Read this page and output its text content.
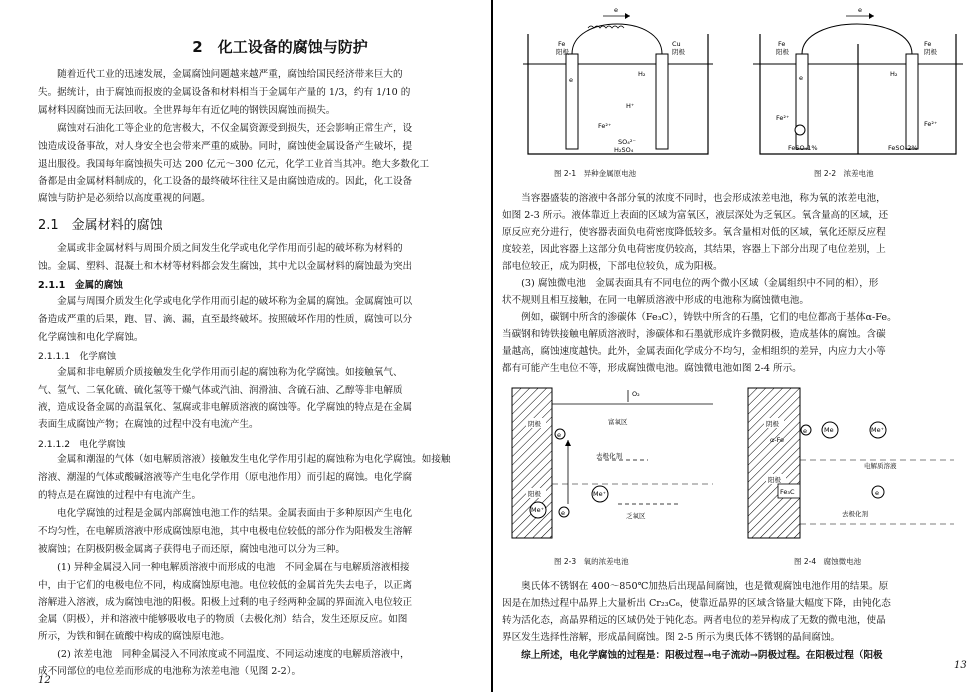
2　化工设备的腐蚀与防护
　　随着近代工业的迅速发展，金属腐蚀问题越来越严重，腐蚀给国民经济带来巨大的
失。据统计，由于腐蚀而报废的金属设备和材料相当于金属年产量的 1/3，约有 1/10 的
属材料因腐蚀而无法回收。全世界每年有近亿吨的钢铁因腐蚀而损失。
　　腐蚀对石油化工等企业的危害极大，不仅金属资源受到损失，还会影响正常生产，设
蚀造成设备事故，对人身安全也会带来严重的威胁。同时，腐蚀使金属设备产生破坏，提
退出服役。我国每年腐蚀损失可达 200 亿元～300 亿元，化学工业首当其冲。绝大多数化工
备都是由金属材料制成的，化工设备的最终破坏往往又是由腐蚀造成的。因此，化工设备
腐蚀与防护是必须给以高度重视的问题。
2.1　金属材料的腐蚀
　　金属或非金属材料与周围介质之间发生化学或电化学作用而引起的破坏称为材料的
蚀。金属、塑料、混凝土和木材等材料都会发生腐蚀，其中尤以金属材料的腐蚀最为突出
2.1.1　金属的腐蚀
　　金属与周围介质发生化学或电化学作用而引起的破坏称为金属的腐蚀。金属腐蚀可以
备造成严重的后果，跑、冒、滴、漏，直至最终破坏。按照破坏作用的性质，腐蚀可以分
化学腐蚀和电化学腐蚀。
2.1.1.1　化学腐蚀
　　金属和非电解质介质接触发生化学作用而引起的腐蚀称为化学腐蚀。如接触氧气、
气、氢气、二氧化硫、硫化氢等干燥气体或汽油、润滑油、含硫石油、乙醇等非电解质
液，造成设备金属的高温氧化、氢腐或非电解质溶液的腐蚀等。化学腐蚀的特点是在金属
表面生成腐蚀产物；在腐蚀的过程中没有电流产生。
2.1.1.2　电化学腐蚀
　　金属和潮湿的气体（如电解质溶液）接触发生电化学作用引起的腐蚀称为电化学腐蚀。如接触
溶液、潮湿的气体或酸碱溶液等产生电化学作用（原电池作用）而引起的腐蚀。电化学腐
的特点是在腐蚀的过程中有电流产生。
　　电化学腐蚀的过程是金属内部腐蚀电池工作的结果。金属表面由于多种原因产生电化
不均匀性，在电解质溶液中形成腐蚀原电池，其中电极电位较低的部分作为阳极发生溶解
被腐蚀；在阴极阴极金属离子获得电子而还原，腐蚀电池可以分为三种。
　　(1) 异种金属浸入同一种电解质溶液中而形成的电池　不同金属在与电解质溶液相接
中，由于它们的电极电位不同，构成腐蚀原电池。电位较低的金属首先失去电子，以正离
溶解进入溶液，成为腐蚀电池的阳极。阳极上过剩的电子经两种金属的界面流入电位较正
金属（阴极），并和溶液中能够吸收电子的物质（去极化剂）结合，发生还原反应。如图
所示，为铁和铜在硫酸中构成的腐蚀原电池。
　　(2) 浓差电池　同种金属浸入不同浓度或不同温度、不同运动速度的电解质溶液中，
成不同部位的电位差而形成的电池称为浓差电池（见图 2-2）。
12
e
Fe
阳极
Cu
阴极
e
H₂
H⁺
Fe²⁺
SO₄²⁻
H₂SO₄
图 2-1　异种金属原电池
e
Fe
阳极
Fe
阴极
e	H₂
Fe²⁺
Fe²⁺
FeSO₄1%	FeSO₄2%
图 2-2　浓差电池
　　当容器盛装的溶液中各部分氧的浓度不同时，也会形成浓差电池，称为氧的浓差电池，
如图 2-3 所示。液体靠近上表面的区域为富氧区，液层深处为乏氧区。氧含量高的区域，还
原反应充分进行，使容器表面负电荷密度降低较多。氧含量相对低的区域，氧化还原反应程
度较差，因此容器上这部分负电荷密度仍较高，其结果，容器上下部分出现了电位差别，上
部电位较正，成为阴极，下部电位较负，成为阳极。
　　(3) 腐蚀微电池　金属表面具有不同电位的两个微小区域（金属组织中不同的相），形
状不规则且相互接触，在同一电解质溶液中形成的电池称为腐蚀微电池。
　　例如，碳钢中所含的渗碳体（Fe₃C），铸铁中所含的石墨，它们的电位都高于基体α-Fe。
当碳钢和铸铁接触电解质溶液时，渗碳体和石墨就形成许多微阴极，造成基体的腐蚀。含碳
量越高，腐蚀速度越快。此外，金属表面化学成分不均匀，金相组织的差异，内应力大小等
都有可能产生电位不等，形成腐蚀微电池。腐蚀微电池如图 2-4 所示。
O₂
阴极	富氧区
e
去极化剂
阳极	Me⁺
Me⁺	e	乏氧区
图 2-3　氧的浓差电池
阴极
e	Me	Me⁺
α-Fe
电解质溶液
阳极
Fe₃C	e
去极化剂
图 2-4　腐蚀微电池
　　奥氏体不锈钢在 400～850℃加热后出现晶间腐蚀，也是微观腐蚀电池作用的结果。原
因是在加热过程中晶界上大量析出 Cr₂₃C₆，使靠近晶界的区域含铬量大幅度下降，由钝化态
转为活化态，高晶界稍远的区域仍处于钝化态。两者电位的差异构成了无数的微电池，使晶
界区发生选择性溶解，形成晶间腐蚀。图 2-5 所示为奥氏体不锈钢的晶间腐蚀。
　　综上所述，电化学腐蚀的过程是：阳极过程→电子流动→阴极过程。在阳极过程（阳极
13
